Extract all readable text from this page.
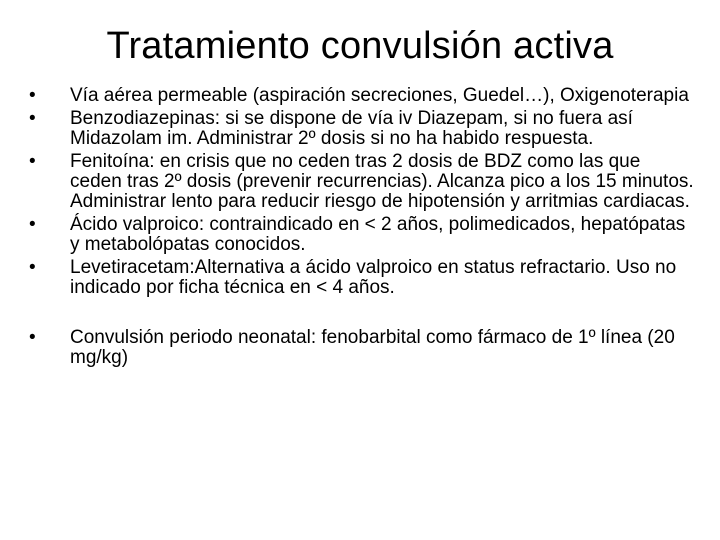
Tratamiento convulsión activa
• Vía aérea permeable (aspiración secreciones, Guedel…), Oxigenoterapia
• Benzodiazepinas: si se dispone de vía iv Diazepam, si no fuera así Midazolam im. Administrar 2º dosis si no ha habido respuesta.
• Fenitoína: en crisis que no ceden tras 2 dosis de BDZ como las que ceden tras 2º dosis (prevenir recurrencias). Alcanza pico a los 15 minutos. Administrar lento para reducir riesgo de hipotensión y arritmias cardiacas.
• Ácido valproico: contraindicado en < 2 años, polimedicados, hepatópatas y metabolópatas conocidos.
• Levetiracetam:Alternativa a ácido valproico en status refractario. Uso no indicado por ficha técnica en < 4 años.
• Convulsión periodo neonatal: fenobarbital como fármaco de 1º línea (20 mg/kg)
